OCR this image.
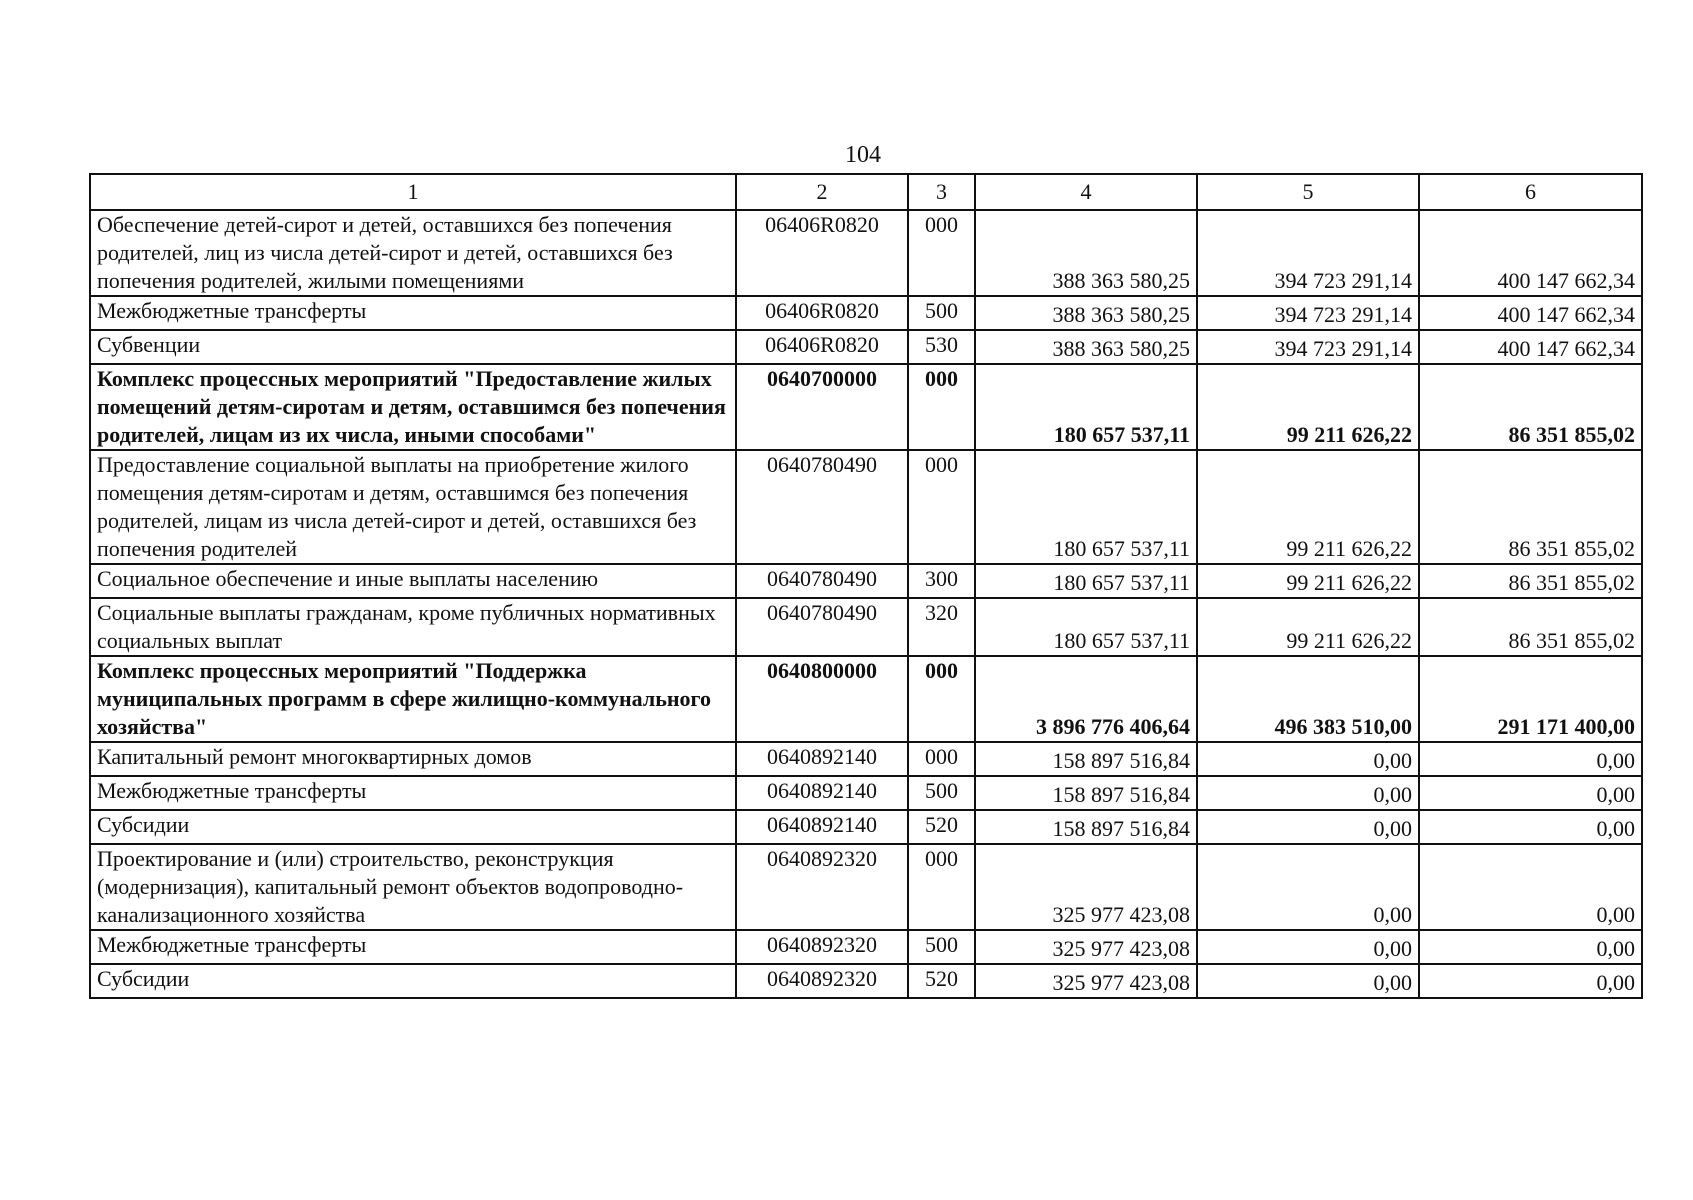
104
1	2	3	4	5	6
Обеспечение детей-сирот и детей, оставшихся без попечения родителей, лиц из числа детей-сирот и детей, оставшихся без попечения родителей, жилыми помещениями	06406R0820	000	388 363 580,25	394 723 291,14	400 147 662,34
Межбюджетные трансферты	06406R0820	500	388 363 580,25	394 723 291,14	400 147 662,34
Субвенции	06406R0820	530	388 363 580,25	394 723 291,14	400 147 662,34
Комплекс процессных мероприятий "Предоставление жилых помещений детям-сиротам и детям, оставшимся без попечения родителей, лицам из их числа, иными способами"	0640700000	000	180 657 537,11	99 211 626,22	86 351 855,02
Предоставление социальной выплаты на приобретение жилого помещения детям-сиротам и детям, оставшимся без попечения родителей, лицам из числа детей-сирот и детей, оставшихся без попечения родителей	0640780490	000	180 657 537,11	99 211 626,22	86 351 855,02
Социальное обеспечение и иные выплаты населению	0640780490	300	180 657 537,11	99 211 626,22	86 351 855,02
Социальные выплаты гражданам, кроме публичных нормативных социальных выплат	0640780490	320	180 657 537,11	99 211 626,22	86 351 855,02
Комплекс процессных мероприятий "Поддержка муниципальных программ в сфере жилищно-коммунального хозяйства"	0640800000	000	3 896 776 406,64	496 383 510,00	291 171 400,00
Капитальный ремонт многоквартирных домов	0640892140	000	158 897 516,84	0,00	0,00
Межбюджетные трансферты	0640892140	500	158 897 516,84	0,00	0,00
Субсидии	0640892140	520	158 897 516,84	0,00	0,00
Проектирование и (или) строительство, реконструкция (модернизация), капитальный ремонт объектов водопроводно-канализационного хозяйства	0640892320	000	325 977 423,08	0,00	0,00
Межбюджетные трансферты	0640892320	500	325 977 423,08	0,00	0,00
Субсидии	0640892320	520	325 977 423,08	0,00	0,00
